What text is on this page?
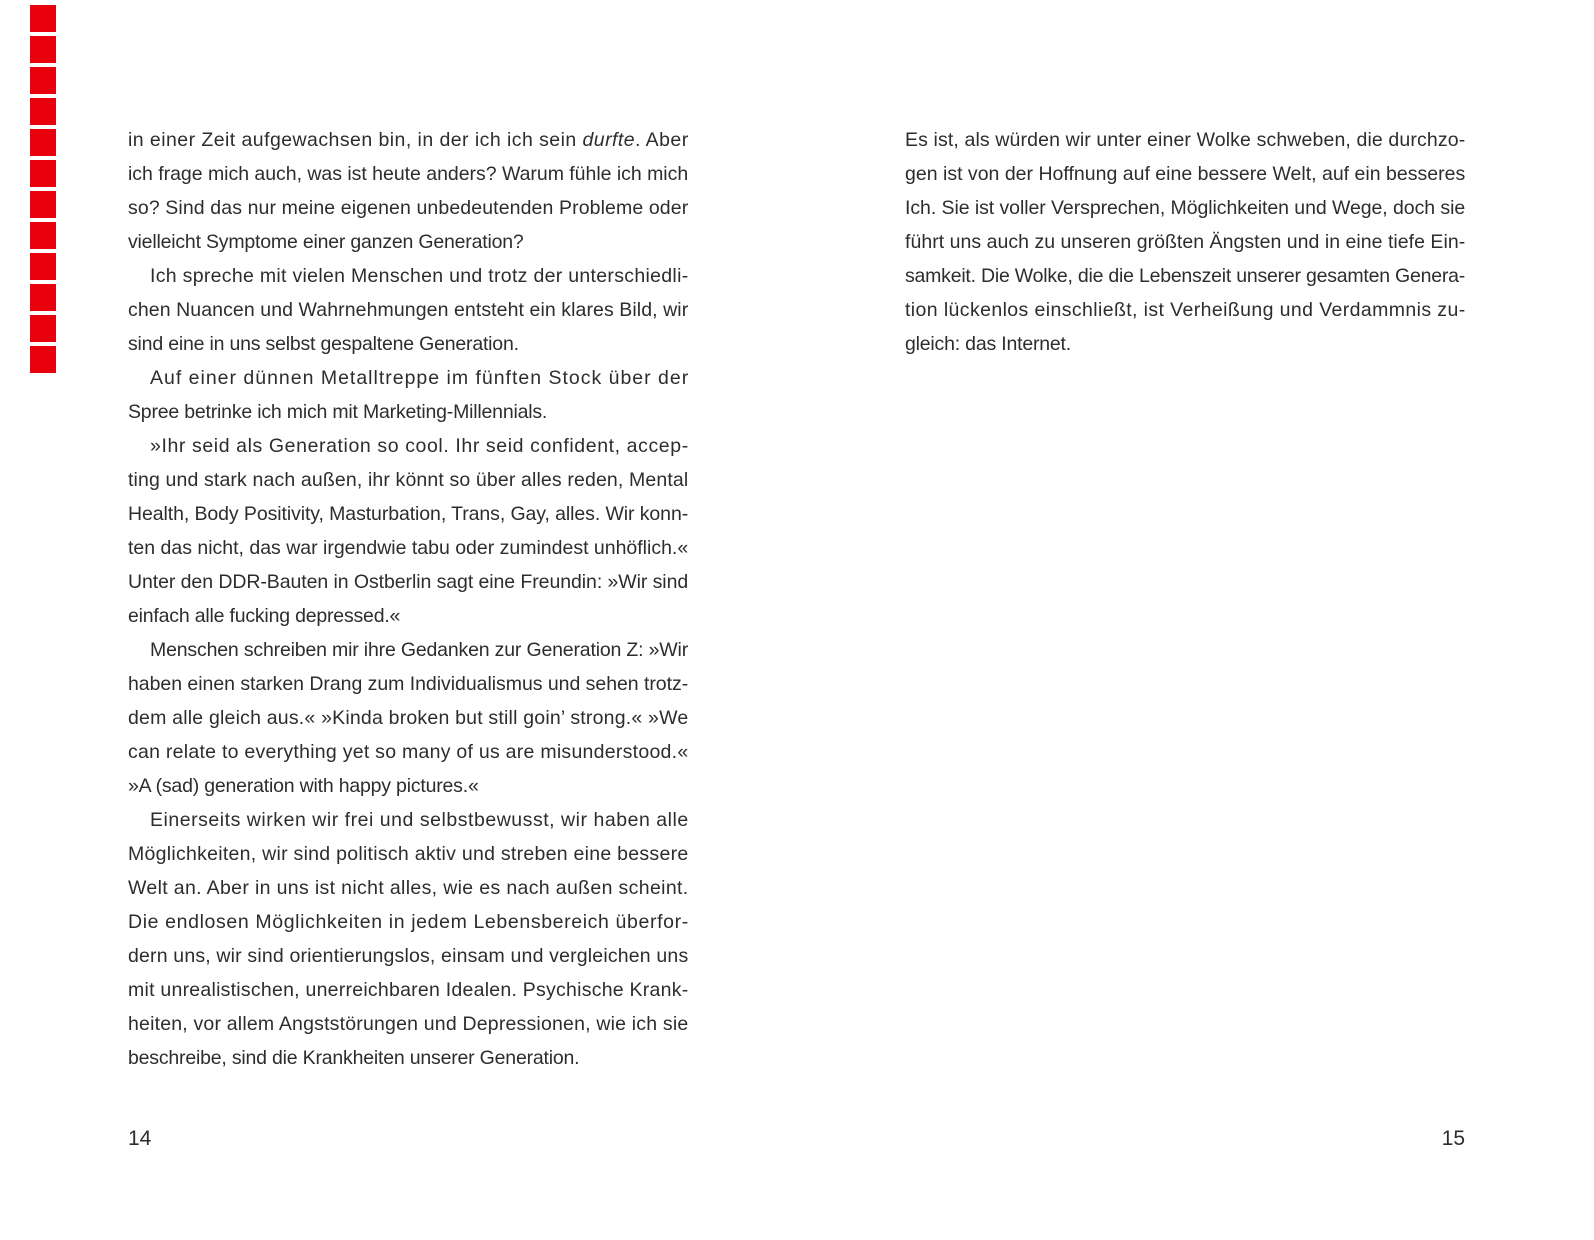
in einer Zeit aufgewachsen bin, in der ich ich sein durfte. Aber
ich frage mich auch, was ist heute anders? Warum fühle ich mich
so? Sind das nur meine eigenen unbedeutenden Probleme oder
vielleicht Symptome einer ganzen Generation?
Ich spreche mit vielen Menschen und trotz der unterschiedli-
chen Nuancen und Wahrnehmungen entsteht ein klares Bild, wir
sind eine in uns selbst gespaltene Generation.
Auf einer dünnen Metalltreppe im fünften Stock über der
Spree betrinke ich mich mit Marketing-Millennials.
»Ihr seid als Generation so cool. Ihr seid confident, accep-
ting und stark nach außen, ihr könnt so über alles reden, Mental
Health, Body Positivity, Masturbation, Trans, Gay, alles. Wir konn-
ten das nicht, das war irgendwie tabu oder zumindest unhöflich.«
Unter den DDR-Bauten in Ostberlin sagt eine Freundin: »Wir sind
einfach alle fucking depressed.«
Menschen schreiben mir ihre Gedanken zur Generation Z: »Wir
haben einen starken Drang zum Individualismus und sehen trotz-
dem alle gleich aus.« »Kinda broken but still goin’ strong.« »We
can relate to everything yet so many of us are misunderstood.«
»A (sad) generation with happy pictures.«
Einerseits wirken wir frei und selbstbewusst, wir haben alle
Möglichkeiten, wir sind politisch aktiv und streben eine bessere
Welt an. Aber in uns ist nicht alles, wie es nach außen scheint.
Die endlosen Möglichkeiten in jedem Lebensbereich überfor-
dern uns, wir sind orientierungslos, einsam und vergleichen uns
mit unrealistischen, unerreichbaren Idealen. Psychische Krank-
heiten, vor allem Angststörungen und Depressionen, wie ich sie
beschreibe, sind die Krankheiten unserer Generation.
Es ist, als würden wir unter einer Wolke schweben, die durchzo-
gen ist von der Hoffnung auf eine bessere Welt, auf ein besseres
Ich. Sie ist voller Versprechen, Möglichkeiten und Wege, doch sie
führt uns auch zu unseren größten Ängsten und in eine tiefe Ein-
samkeit. Die Wolke, die die Lebenszeit unserer gesamten Genera-
tion lückenlos einschließt, ist Verheißung und Verdammnis zu-
gleich: das Internet.
14	15
